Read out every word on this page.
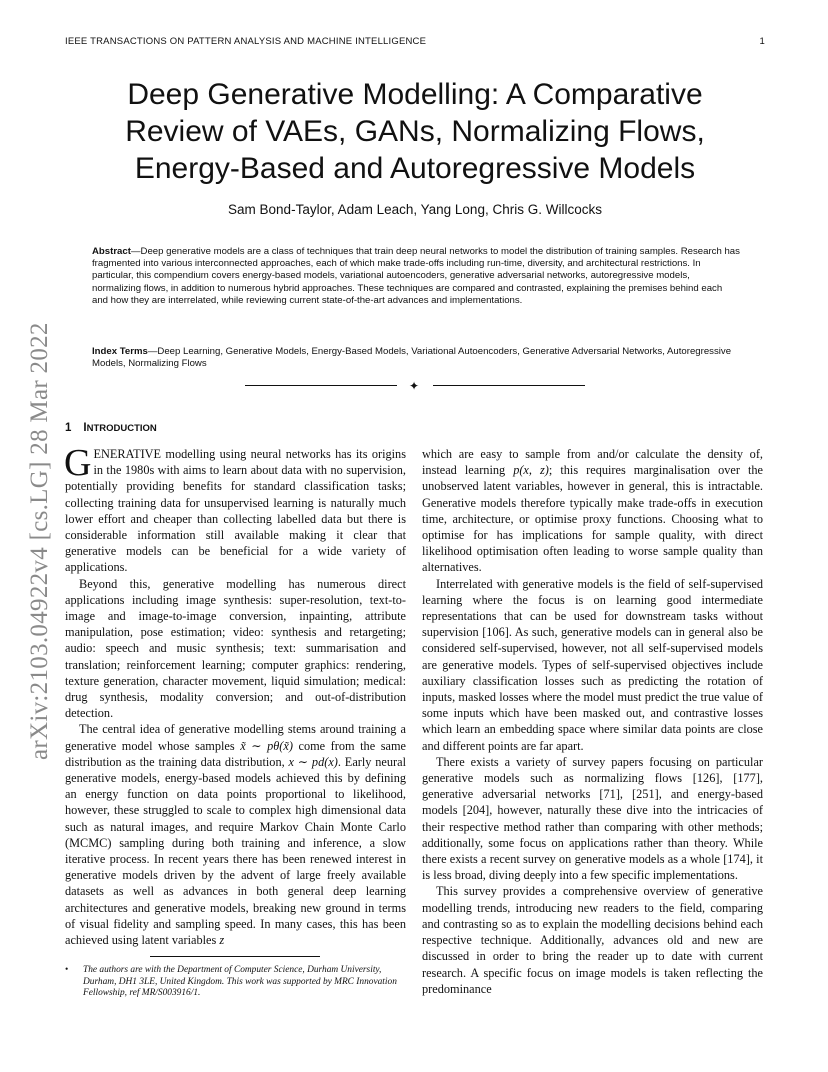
IEEE TRANSACTIONS ON PATTERN ANALYSIS AND MACHINE INTELLIGENCE	1
arXiv:2103.04922v4 [cs.LG] 28 Mar 2022
Deep Generative Modelling: A Comparative
Review of VAEs, GANs, Normalizing Flows,
Energy-Based and Autoregressive Models
Sam Bond-Taylor, Adam Leach, Yang Long, Chris G. Willcocks
Abstract—Deep generative models are a class of techniques that train deep neural networks to model the distribution of training samples. Research has fragmented into various interconnected approaches, each of which make trade-offs including run-time, diversity, and architectural restrictions. In particular, this compendium covers energy-based models, variational autoencoders, generative adversarial networks, autoregressive models, normalizing flows, in addition to numerous hybrid approaches. These techniques are compared and contrasted, explaining the premises behind each and how they are interrelated, while reviewing current state-of-the-art advances and implementations.
Index Terms—Deep Learning, Generative Models, Energy-Based Models, Variational Autoencoders, Generative Adversarial Networks, Autoregressive Models, Normalizing Flows
✦
1 INTRODUCTION

GENERATIVE modelling using neural networks has its origins in the 1980s with aims to learn about data with no supervision, potentially providing benefits for standard classification tasks; collecting training data for unsupervised learning is naturally much lower effort and cheaper than collecting labelled data but there is considerable information still available making it clear that generative models can be beneficial for a wide variety of applications.

Beyond this, generative modelling has numerous direct applications including image synthesis: super-resolution, text-to-image and image-to-image conversion, inpainting, attribute manipulation, pose estimation; video: synthesis and retargeting; audio: speech and music synthesis; text: summarisation and translation; reinforcement learning; computer graphics: rendering, texture generation, character movement, liquid simulation; medical: drug synthesis, modality conversion; and out-of-distribution detection.

The central idea of generative modelling stems around training a generative model whose samples x̃ ∼ pθ(x̃) come from the same distribution as the training data distribution, x ∼ pd(x). Early neural generative models, energy-based models achieved this by defining an energy function on data points proportional to likelihood, however, these struggled to scale to complex high dimensional data such as natural images, and require Markov Chain Monte Carlo (MCMC) sampling during both training and inference, a slow iterative process. In recent years there has been renewed interest in generative models driven by the advent of large freely available datasets as well as advances in both general deep learning architectures and generative models, breaking new ground in terms of visual fidelity and sampling speed. In many cases, this has been achieved using latent variables z

which are easy to sample from and/or calculate the density of, instead learning p(x, z); this requires marginalisation over the unobserved latent variables, however in general, this is intractable. Generative models therefore typically make trade-offs in execution time, architecture, or optimise proxy functions. Choosing what to optimise for has implications for sample quality, with direct likelihood optimisation often leading to worse sample quality than alternatives.

Interrelated with generative models is the field of self-supervised learning where the focus is on learning good intermediate representations that can be used for downstream tasks without supervision [106]. As such, generative models can in general also be considered self-supervised, however, not all self-supervised models are generative models. Types of self-supervised objectives include auxiliary classification losses such as predicting the rotation of inputs, masked losses where the model must predict the true value of some inputs which have been masked out, and contrastive losses which learn an embedding space where similar data points are close and different points are far apart.

There exists a variety of survey papers focusing on particular generative models such as normalizing flows [126], [177], generative adversarial networks [71], [251], and energy-based models [204], however, naturally these dive into the intricacies of their respective method rather than comparing with other methods; additionally, some focus on applications rather than theory. While there exists a recent survey on generative models as a whole [174], it is less broad, diving deeply into a few specific implementations.

This survey provides a comprehensive overview of generative modelling trends, introducing new readers to the field, comparing and contrasting so as to explain the modelling decisions behind each respective technique. Additionally, advances old and new are discussed in order to bring the reader up to date with current research. A specific focus on image models is taken reflecting the predominance

• The authors are with the Department of Computer Science, Durham University, Durham, DH1 3LE, United Kingdom. This work was supported by MRC Innovation Fellowship, ref MR/S003916/1.
